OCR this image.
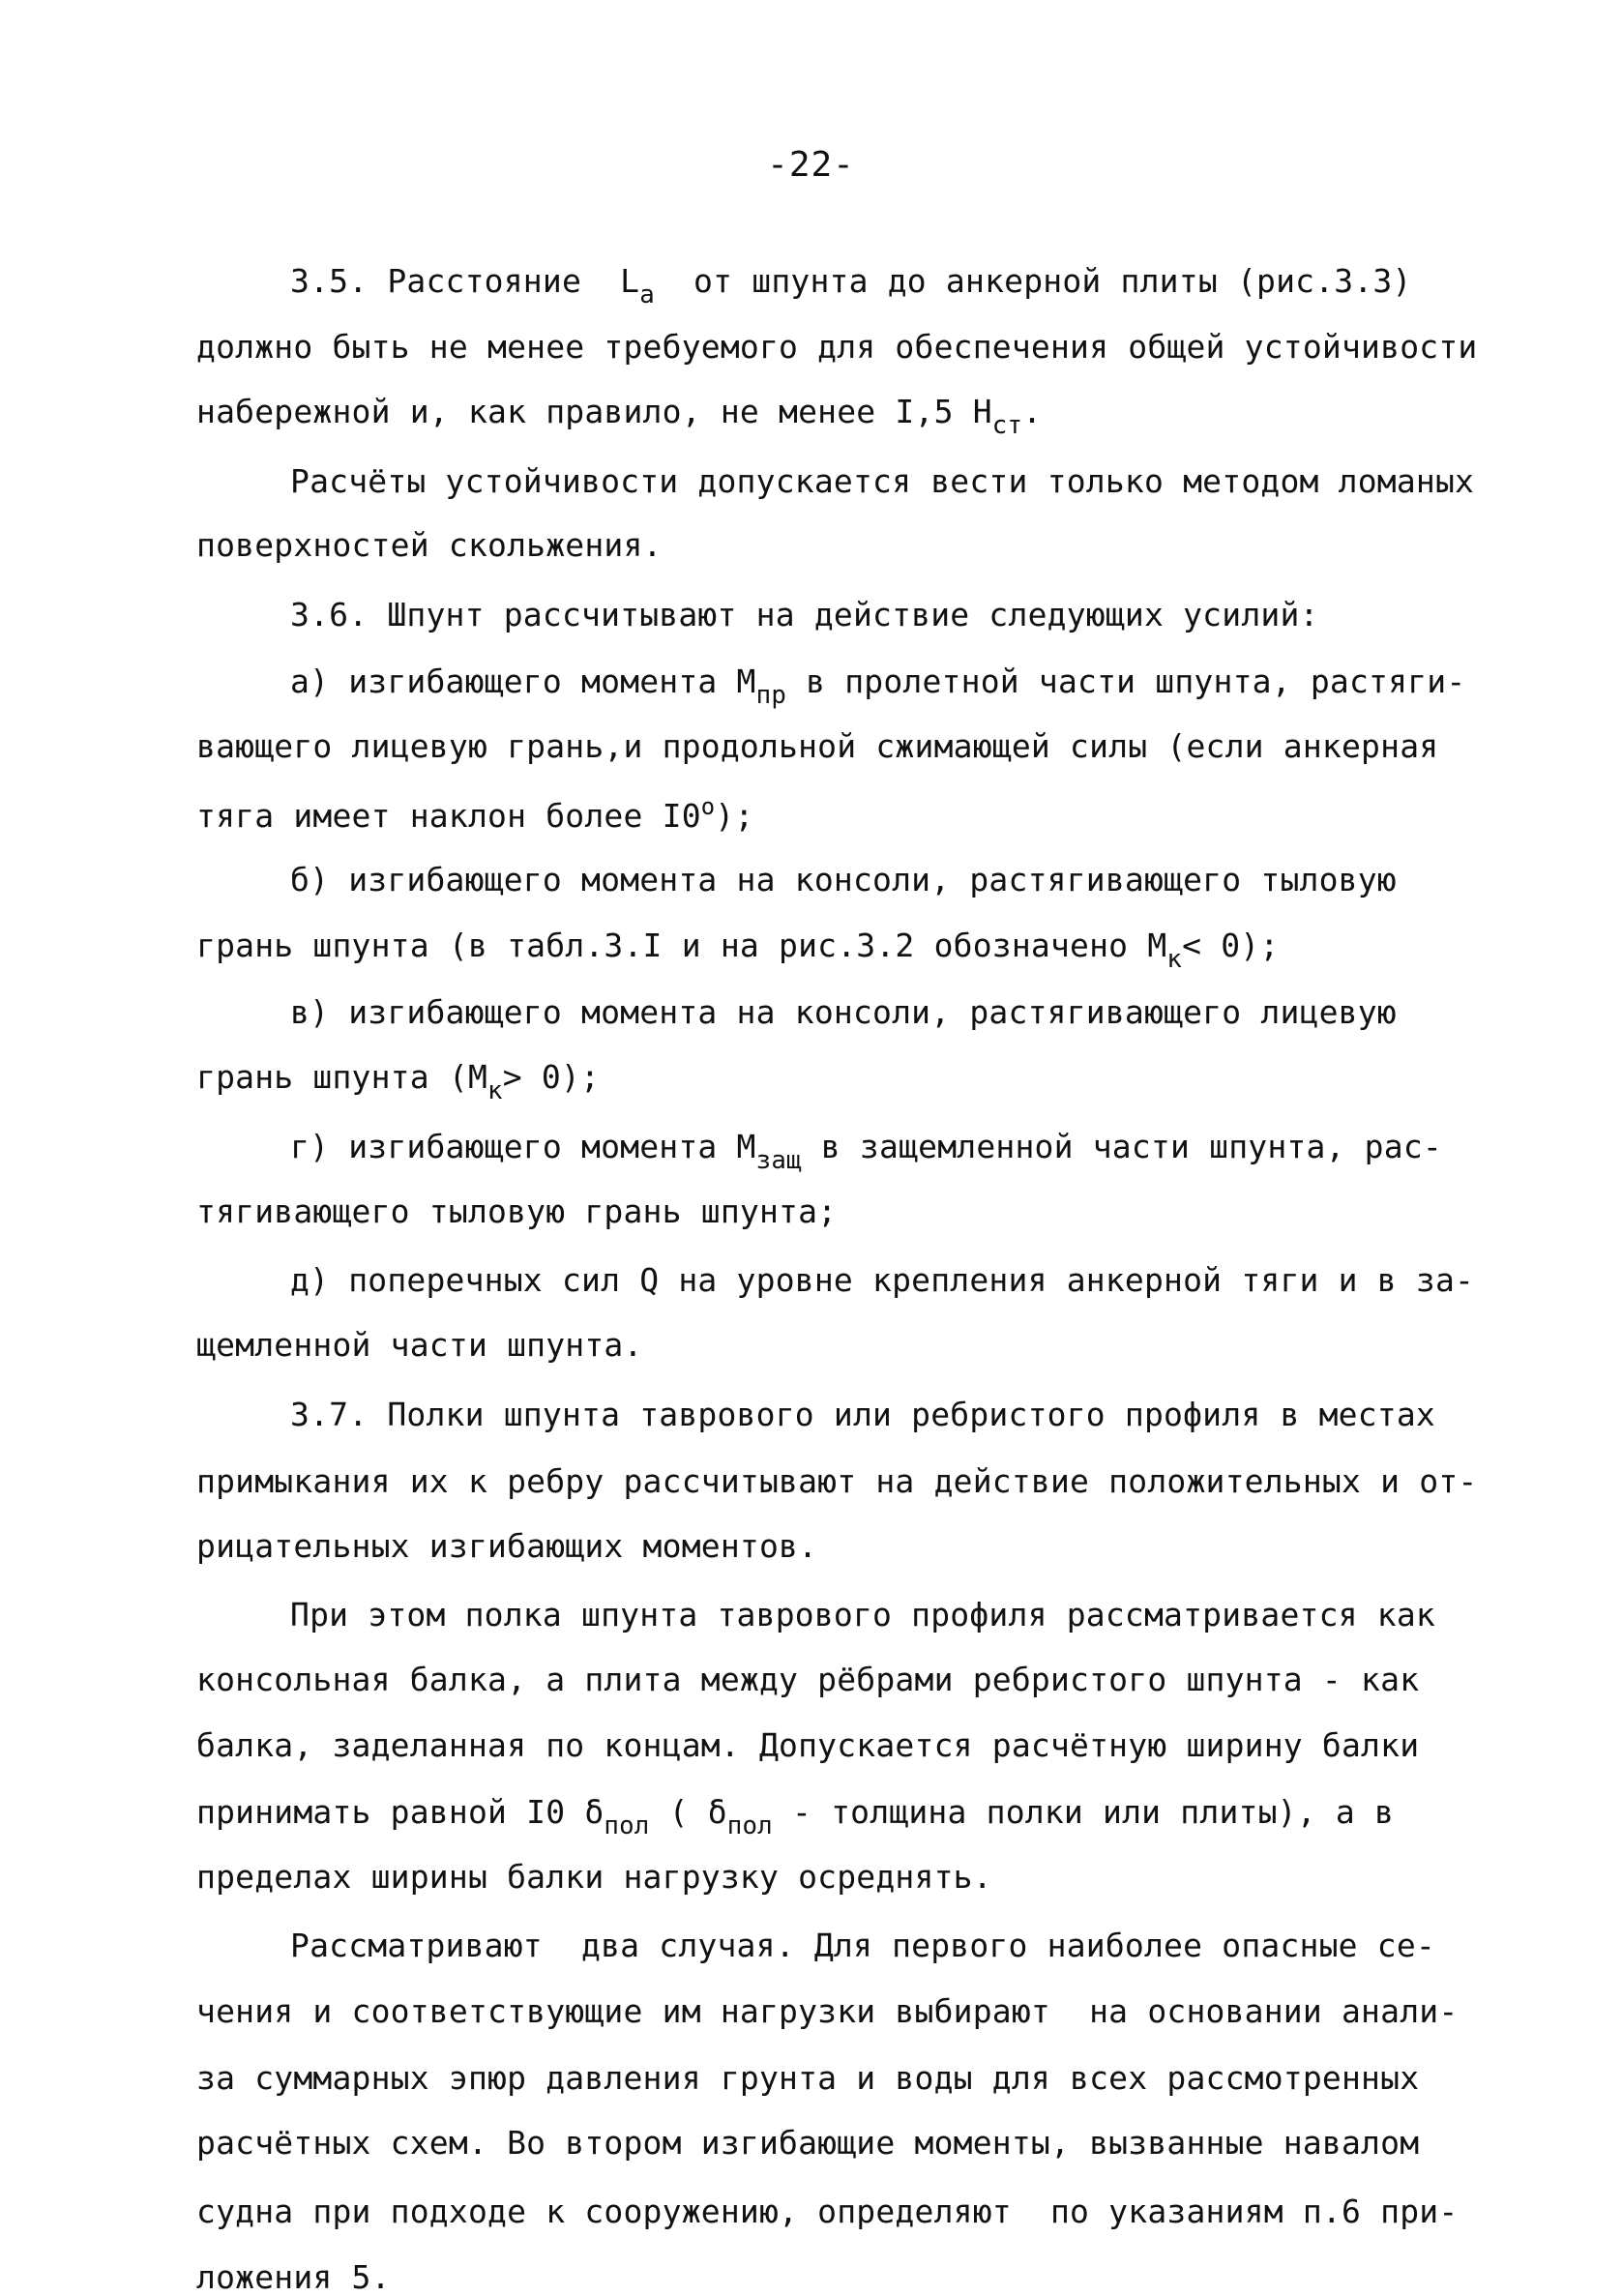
-22-
3.5. Расстояние  $L_a$  от шпунта до анкерной плиты (рис.3.3)
должно быть не менее требуемого для обеспечения общей устойчивости
набережной и, как правило, не менее I,5 $H_{ст}$.
Расчёты устойчивости допускается вести только методом ломаных
поверхностей скольжения.
3.6. Шпунт рассчитывают на действие следующих усилий:
а) изгибающего момента $M_{пр}$ в пролетной части шпунта, растяги-
вающего лицевую грань,и продольной сжимающей силы (если анкерная
тяга имеет наклон более $I0^о$);
б) изгибающего момента на консоли, растягивающего тыловую
грань шпунта (в табл.3.I и на рис.3.2 обозначено $M_к< 0$);
в) изгибающего момента на консоли, растягивающего лицевую
грань шпунта $(M_к> 0)$;
г) изгибающего момента $M_{защ}$ в защемленной части шпунта, рас-
тягивающего тыловую грань шпунта;
д) поперечных сил Q на уровне крепления анкерной тяги и в за-
щемленной части шпунта.
3.7. Полки шпунта таврового или ребристого профиля в местах
примыкания их к ребру рассчитывают на действие положительных и от-
рицательных изгибающих моментов.
При этом полка шпунта таврового профиля рассматривается как
консольная балка, а плита между рёбрами ребристого шпунта - как
балка, заделанная по концам. Допускается расчётную ширину балки
принимать равной I0 $\delta_{пол}$ ( $\delta_{пол}$ - толщина полки или плиты), а в
пределах ширины балки нагрузку осреднять.
Рассматривают  два случая. Для первого наиболее опасные се-
чения и соответствующие им нагрузки выбирают  на основании анали-
за суммарных эпюр давления грунта и воды для всех рассмотренных
расчётных схем. Во втором изгибающие моменты, вызванные навалом
судна при подходе к сооружению, определяют  по указаниям п.6 при-
ложения 5.
